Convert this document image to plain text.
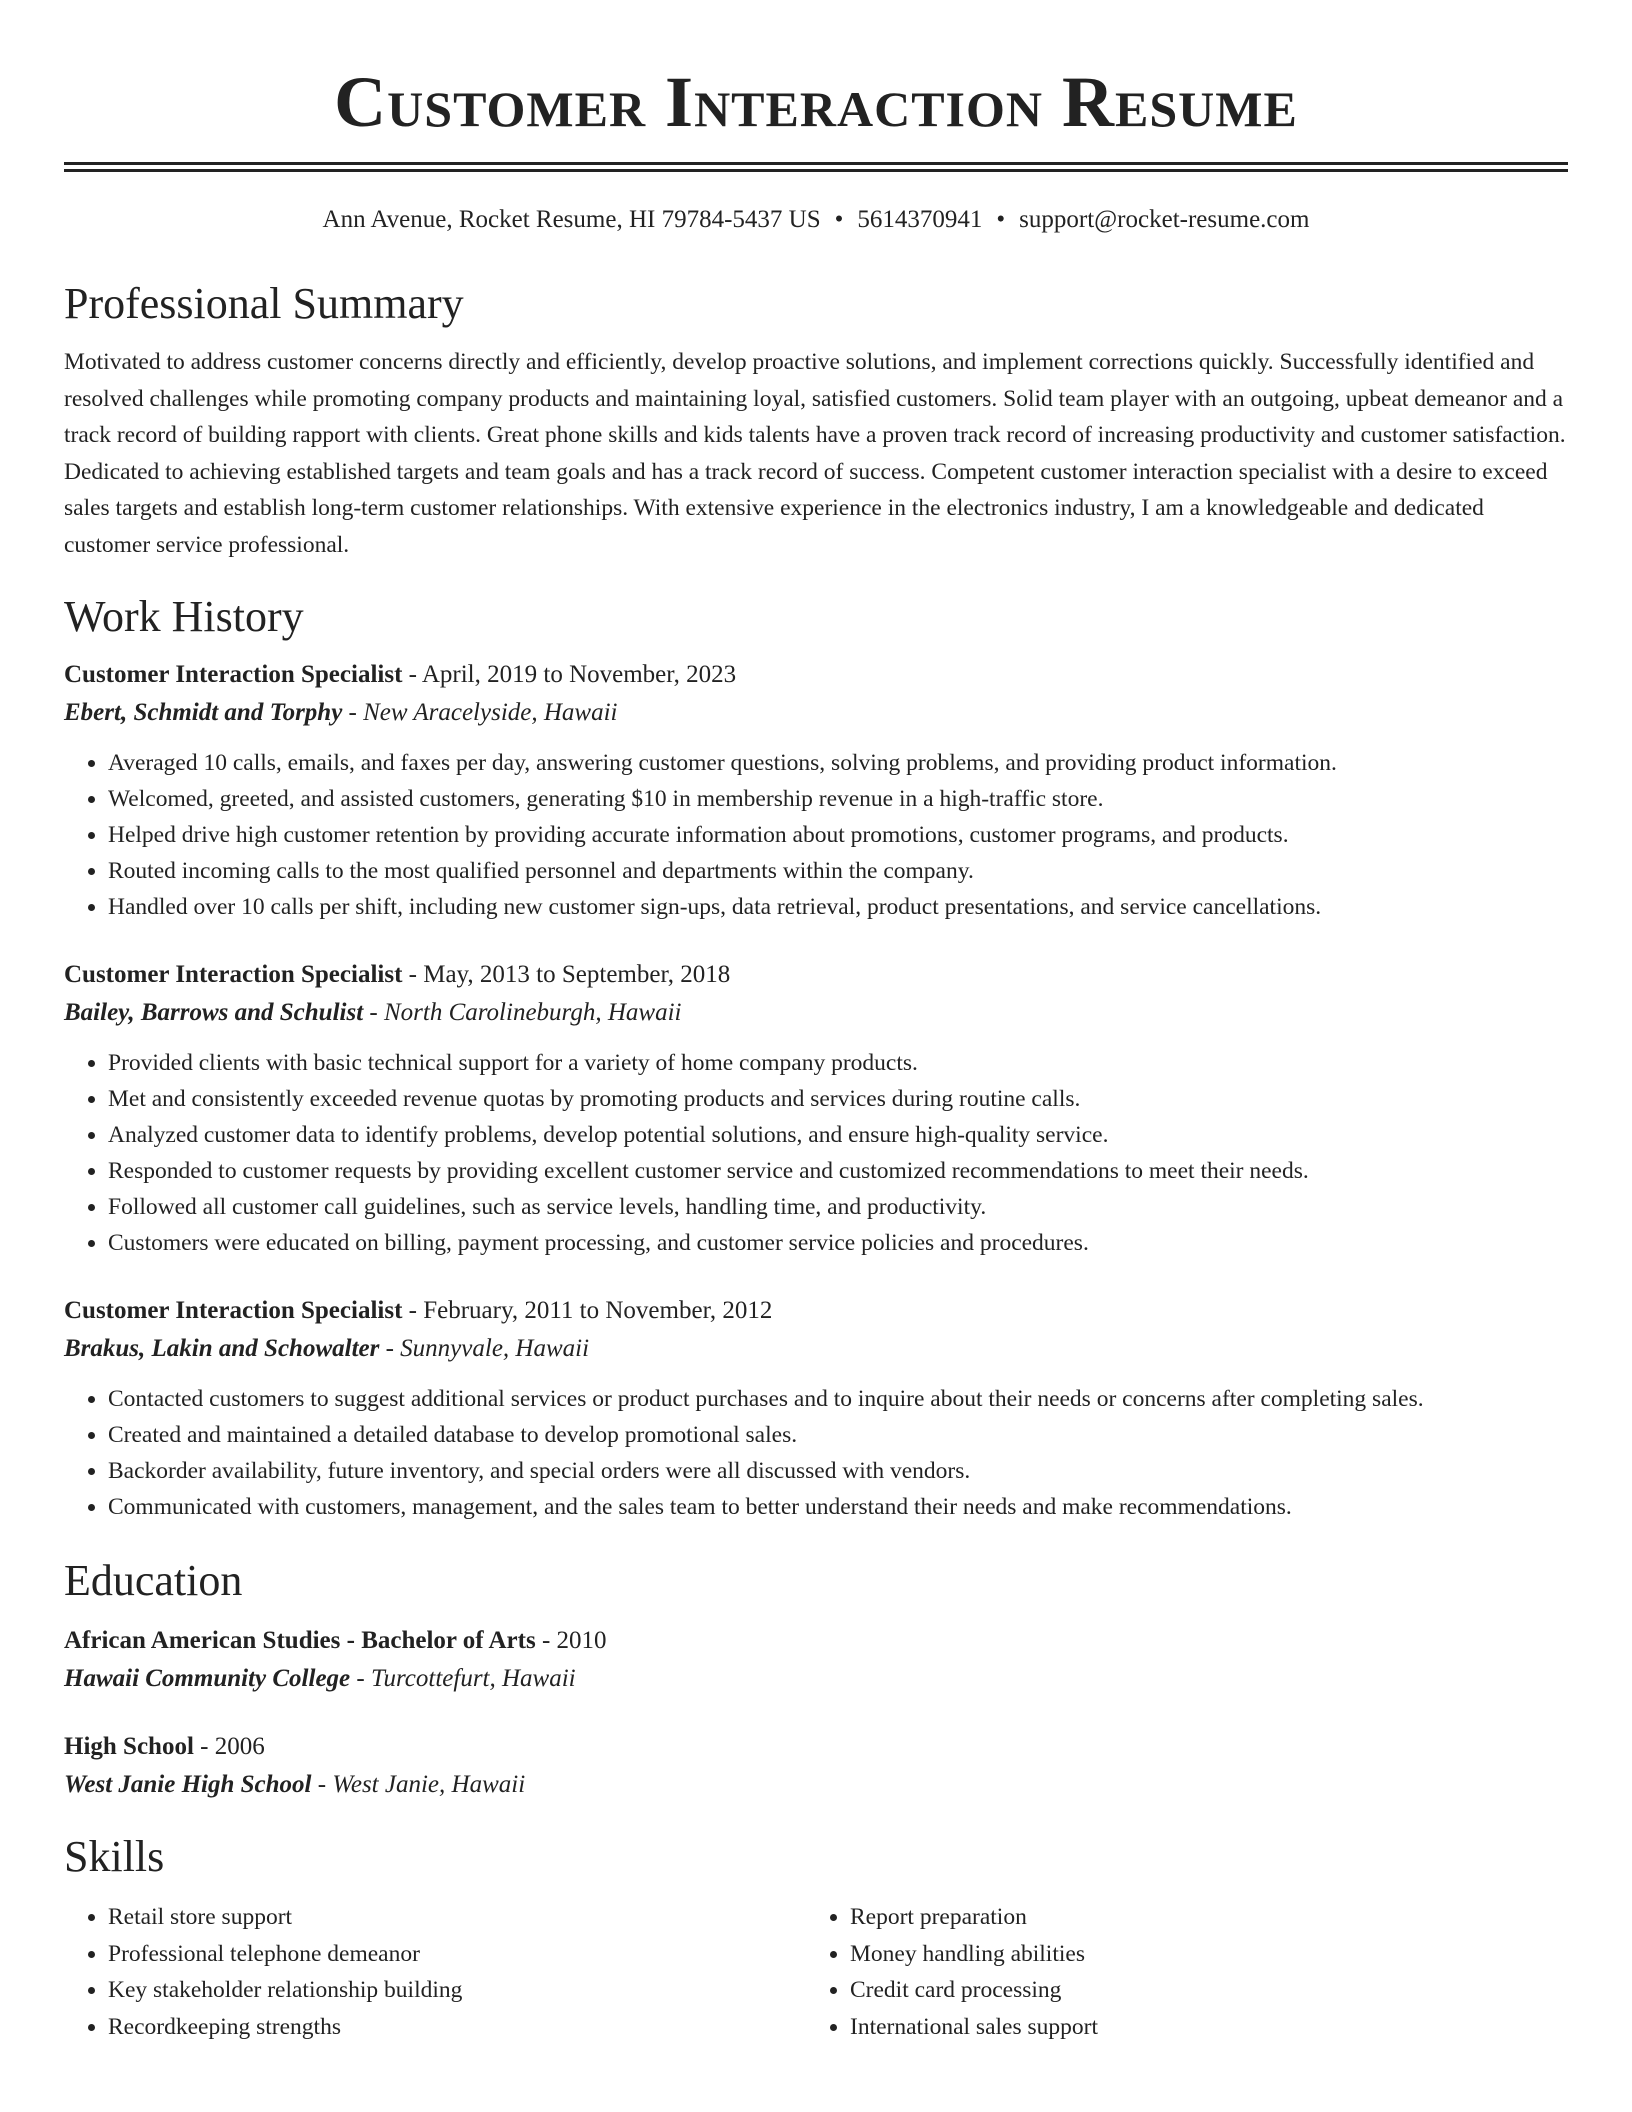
Customer Interaction Resume
Ann Avenue, Rocket Resume, HI 79784-5437 US • 5614370941 • support@rocket-resume.com
Professional Summary

Motivated to address customer concerns directly and efficiently, develop proactive solutions, and implement corrections quickly. Successfully identified and resolved challenges while promoting company products and maintaining loyal, satisfied customers. Solid team player with an outgoing, upbeat demeanor and a track record of building rapport with clients. Great phone skills and kids talents have a proven track record of increasing productivity and customer satisfaction. Dedicated to achieving established targets and team goals and has a track record of success. Competent customer interaction specialist with a desire to exceed sales targets and establish long-term customer relationships. With extensive experience in the electronics industry, I am a knowledgeable and dedicated customer service professional.

Work History
Customer Interaction Specialist - April, 2019 to November, 2023
Ebert, Schmidt and Torphy - New Aracelyside, Hawaii
• Averaged 10 calls, emails, and faxes per day, answering customer questions, solving problems, and providing product information.
• Welcomed, greeted, and assisted customers, generating $10 in membership revenue in a high-traffic store.
• Helped drive high customer retention by providing accurate information about promotions, customer programs, and products.
• Routed incoming calls to the most qualified personnel and departments within the company.
• Handled over 10 calls per shift, including new customer sign-ups, data retrieval, product presentations, and service cancellations.
Customer Interaction Specialist - May, 2013 to September, 2018
Bailey, Barrows and Schulist - North Carolineburgh, Hawaii
• Provided clients with basic technical support for a variety of home company products.
• Met and consistently exceeded revenue quotas by promoting products and services during routine calls.
• Analyzed customer data to identify problems, develop potential solutions, and ensure high-quality service.
• Responded to customer requests by providing excellent customer service and customized recommendations to meet their needs.
• Followed all customer call guidelines, such as service levels, handling time, and productivity.
• Customers were educated on billing, payment processing, and customer service policies and procedures.
Customer Interaction Specialist - February, 2011 to November, 2012
Brakus, Lakin and Schowalter - Sunnyvale, Hawaii
• Contacted customers to suggest additional services or product purchases and to inquire about their needs or concerns after completing sales.
• Created and maintained a detailed database to develop promotional sales.
• Backorder availability, future inventory, and special orders were all discussed with vendors.
• Communicated with customers, management, and the sales team to better understand their needs and make recommendations.
Education
African American Studies - Bachelor of Arts - 2010
Hawaii Community College - Turcottefurt, Hawaii
High School - 2006
West Janie High School - West Janie, Hawaii
Skills
• Retail store support
• Professional telephone demeanor
• Key stakeholder relationship building
• Recordkeeping strengths
• Report preparation
• Money handling abilities
• Credit card processing
• International sales support
